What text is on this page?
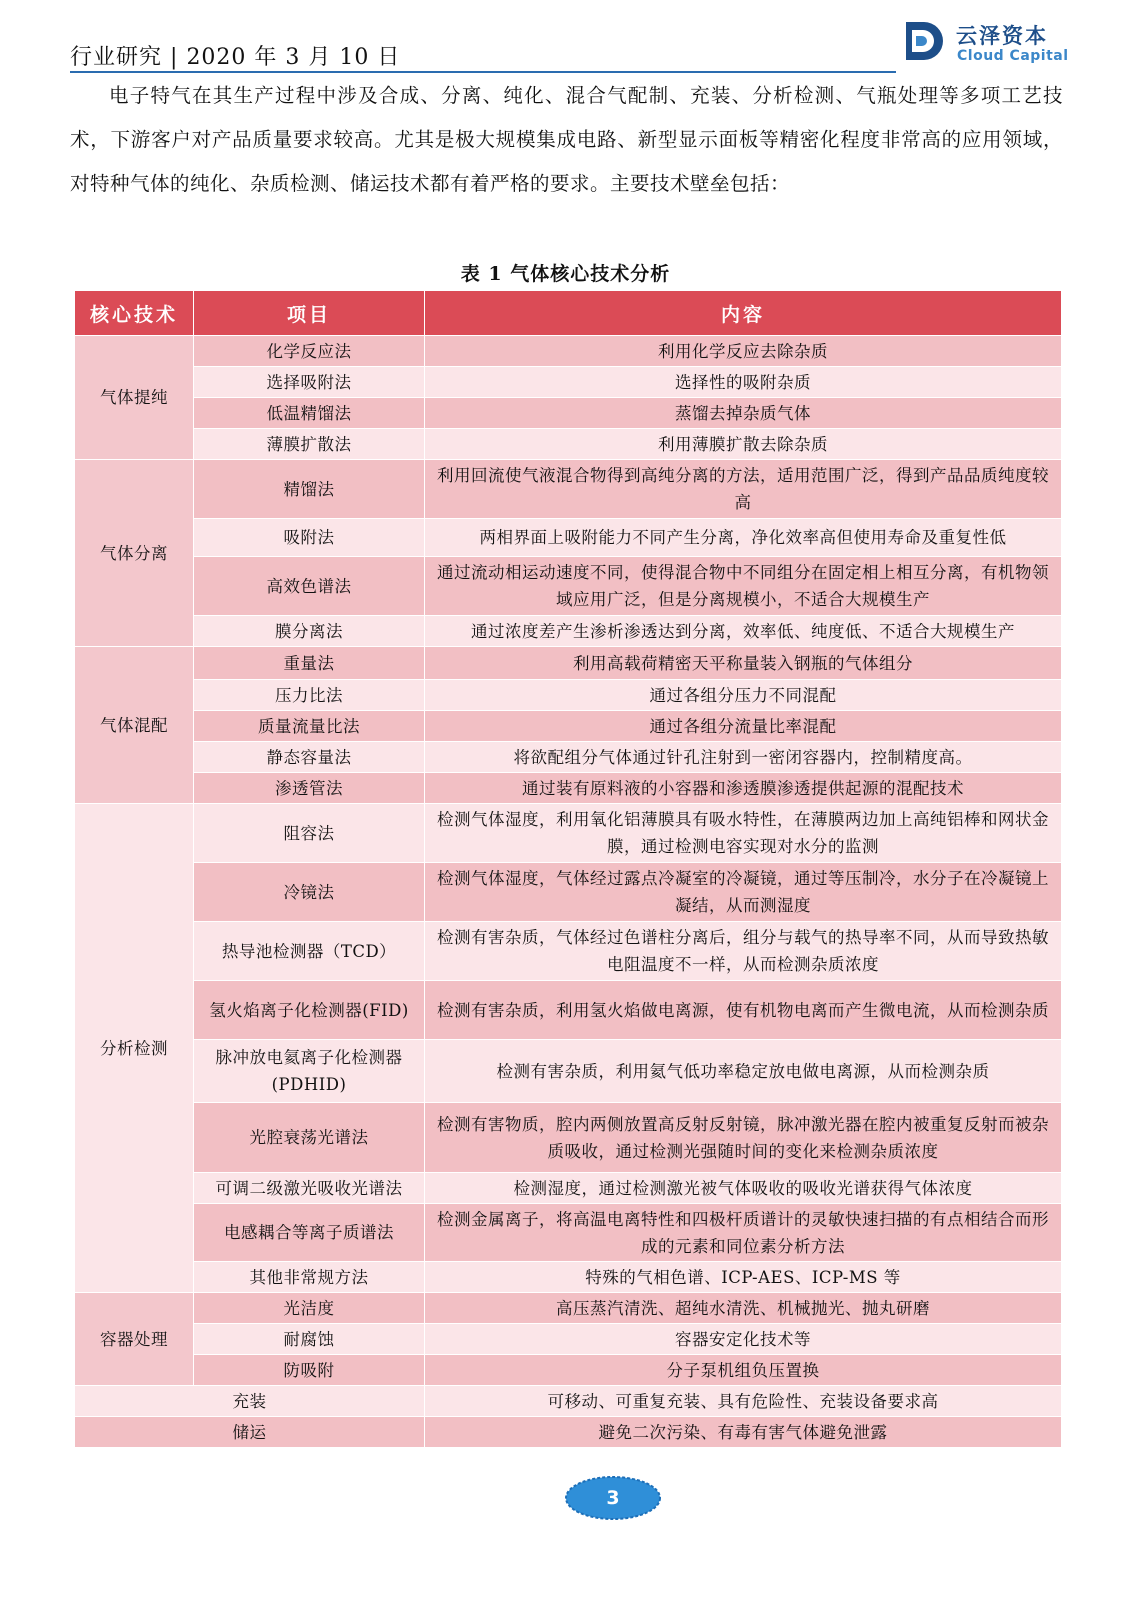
行业研究 | 2020 年 3 月 10 日
云泽资本
Cloud Capital
电子特气在其生产过程中涉及合成、分离、纯化、混合气配制、充装、分析检测、气瓶处理等多项工艺技术，下游客户对产品质量要求较高。尤其是极大规模集成电路、新型显示面板等精密化程度非常高的应用领域，对特种气体的纯化、杂质检测、储运技术都有着严格的要求。主要技术壁垒包括：
表 1 气体核心技术分析
核心技术	项目	内容
气体提纯	化学反应法	利用化学反应去除杂质
	选择吸附法	选择性的吸附杂质
	低温精馏法	蒸馏去掉杂质气体
	薄膜扩散法	利用薄膜扩散去除杂质
气体分离	精馏法	利用回流使气液混合物得到高纯分离的方法，适用范围广泛，得到产品品质纯度较高
	吸附法	两相界面上吸附能力不同产生分离，净化效率高但使用寿命及重复性低
	高效色谱法	通过流动相运动速度不同，使得混合物中不同组分在固定相上相互分离，有机物领域应用广泛，但是分离规模小，不适合大规模生产
	膜分离法	通过浓度差产生渗析渗透达到分离，效率低、纯度低、不适合大规模生产
气体混配	重量法	利用高载荷精密天平称量装入钢瓶的气体组分
	压力比法	通过各组分压力不同混配
	质量流量比法	通过各组分流量比率混配
	静态容量法	将欲配组分气体通过针孔注射到一密闭容器内，控制精度高。
	渗透管法	通过装有原料液的小容器和渗透膜渗透提供起源的混配技术
分析检测	阻容法	检测气体湿度，利用氧化铝薄膜具有吸水特性，在薄膜两边加上高纯铝棒和网状金膜，通过检测电容实现对水分的监测
	冷镜法	检测气体湿度，气体经过露点冷凝室的冷凝镜，通过等压制冷，水分子在冷凝镜上凝结，从而测湿度
	热导池检测器（TCD）	检测有害杂质，气体经过色谱柱分离后，组分与载气的热导率不同，从而导致热敏电阻温度不一样，从而检测杂质浓度
	氢火焰离子化检测器(FID)	检测有害杂质，利用氢火焰做电离源，使有机物电离而产生微电流，从而检测杂质
	脉冲放电氦离子化检测器(PDHID)	检测有害杂质，利用氦气低功率稳定放电做电离源，从而检测杂质
	光腔衰荡光谱法	检测有害物质，腔内两侧放置高反射反射镜，脉冲激光器在腔内被重复反射而被杂质吸收，通过检测光强随时间的变化来检测杂质浓度
	可调二级激光吸收光谱法	检测湿度，通过检测激光被气体吸收的吸收光谱获得气体浓度
	电感耦合等离子质谱法	检测金属离子，将高温电离特性和四极杆质谱计的灵敏快速扫描的有点相结合而形成的元素和同位素分析方法
	其他非常规方法	特殊的气相色谱、ICP-AES、ICP-MS 等
容器处理	光洁度	高压蒸汽清洗、超纯水清洗、机械抛光、抛丸研磨
	耐腐蚀	容器安定化技术等
	防吸附	分子泵机组负压置换
充装		可移动、可重复充装、具有危险性、充装设备要求高
储运		避免二次污染、有毒有害气体避免泄露
3
